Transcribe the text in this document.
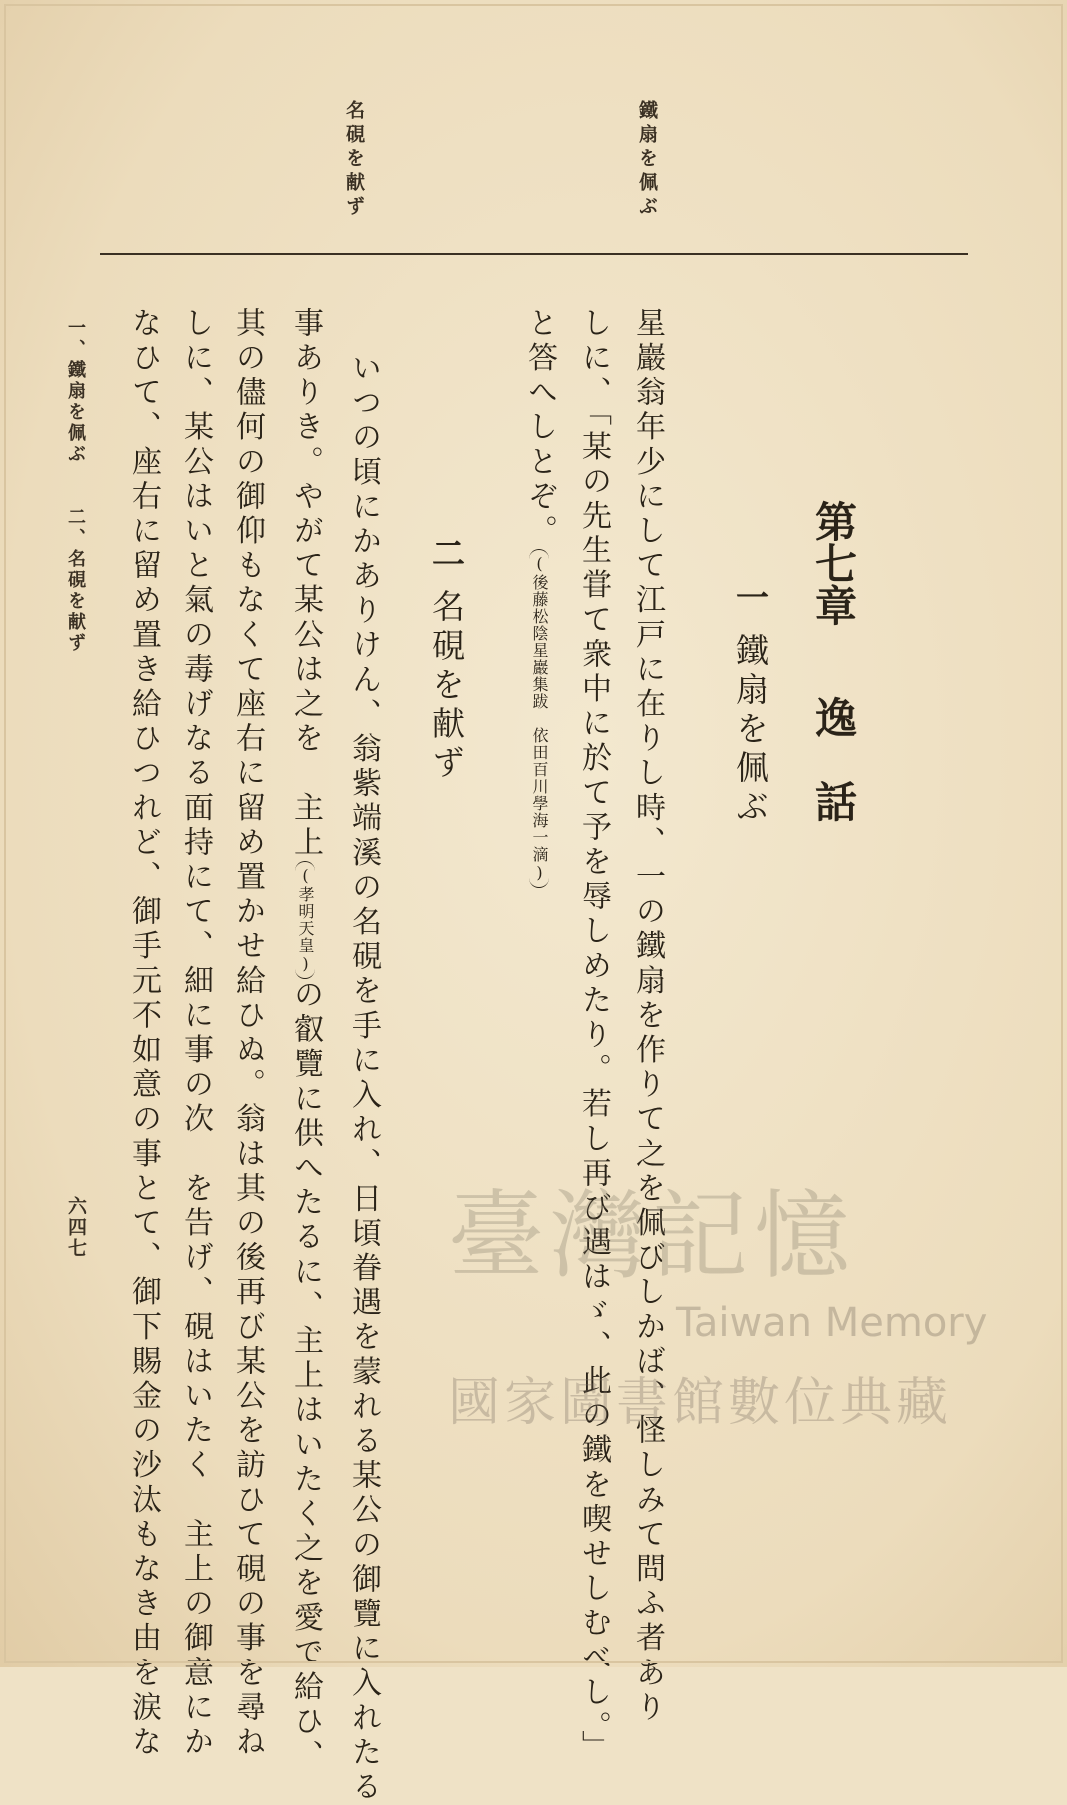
鐵扇を佩ぶ
名硯を献ず
第七章逸　話
一鐵扇を佩ぶ
星巖翁年少にして江戸に在りし時、一の鐵扇を作りて之を佩びしかば、怪しみて問ふ者あり
しに、「某の先生甞て衆中に於て予を辱しめたり。若し再び遇はゞ、此の鐵を喫せしむべし。」
と答へしとぞ。(後藤松陰星巖集跋　依田百川學海一滴)
二名硯を献ず
いつの頃にかありけん、翁紫端溪の名硯を手に入れ、日頃眷遇を蒙れる某公の御覽に入れたる
事ありき。やがて某公は之を　主上(孝明天皇)の叡覽に供へたるに、主上はいたく之を愛で給ひ、
其の儘何の御仰もなくて座右に留め置かせ給ひぬ。翁は其の後再び某公を訪ひて硯の事を尋ね
しに、某公はいと氣の毒げなる面持にて、細に事の次　を告げ、硯はいたく　主上の御意にか
なひて、座右に留め置き給ひつれど、御手元不如意の事とて、御下賜金の沙汰もなき由を涙な
一、鐵扇を佩ぶ　　二、名硯を献ず
六四七	臺灣記憶
Taiwan Memory
國家圖書館數位典藏
